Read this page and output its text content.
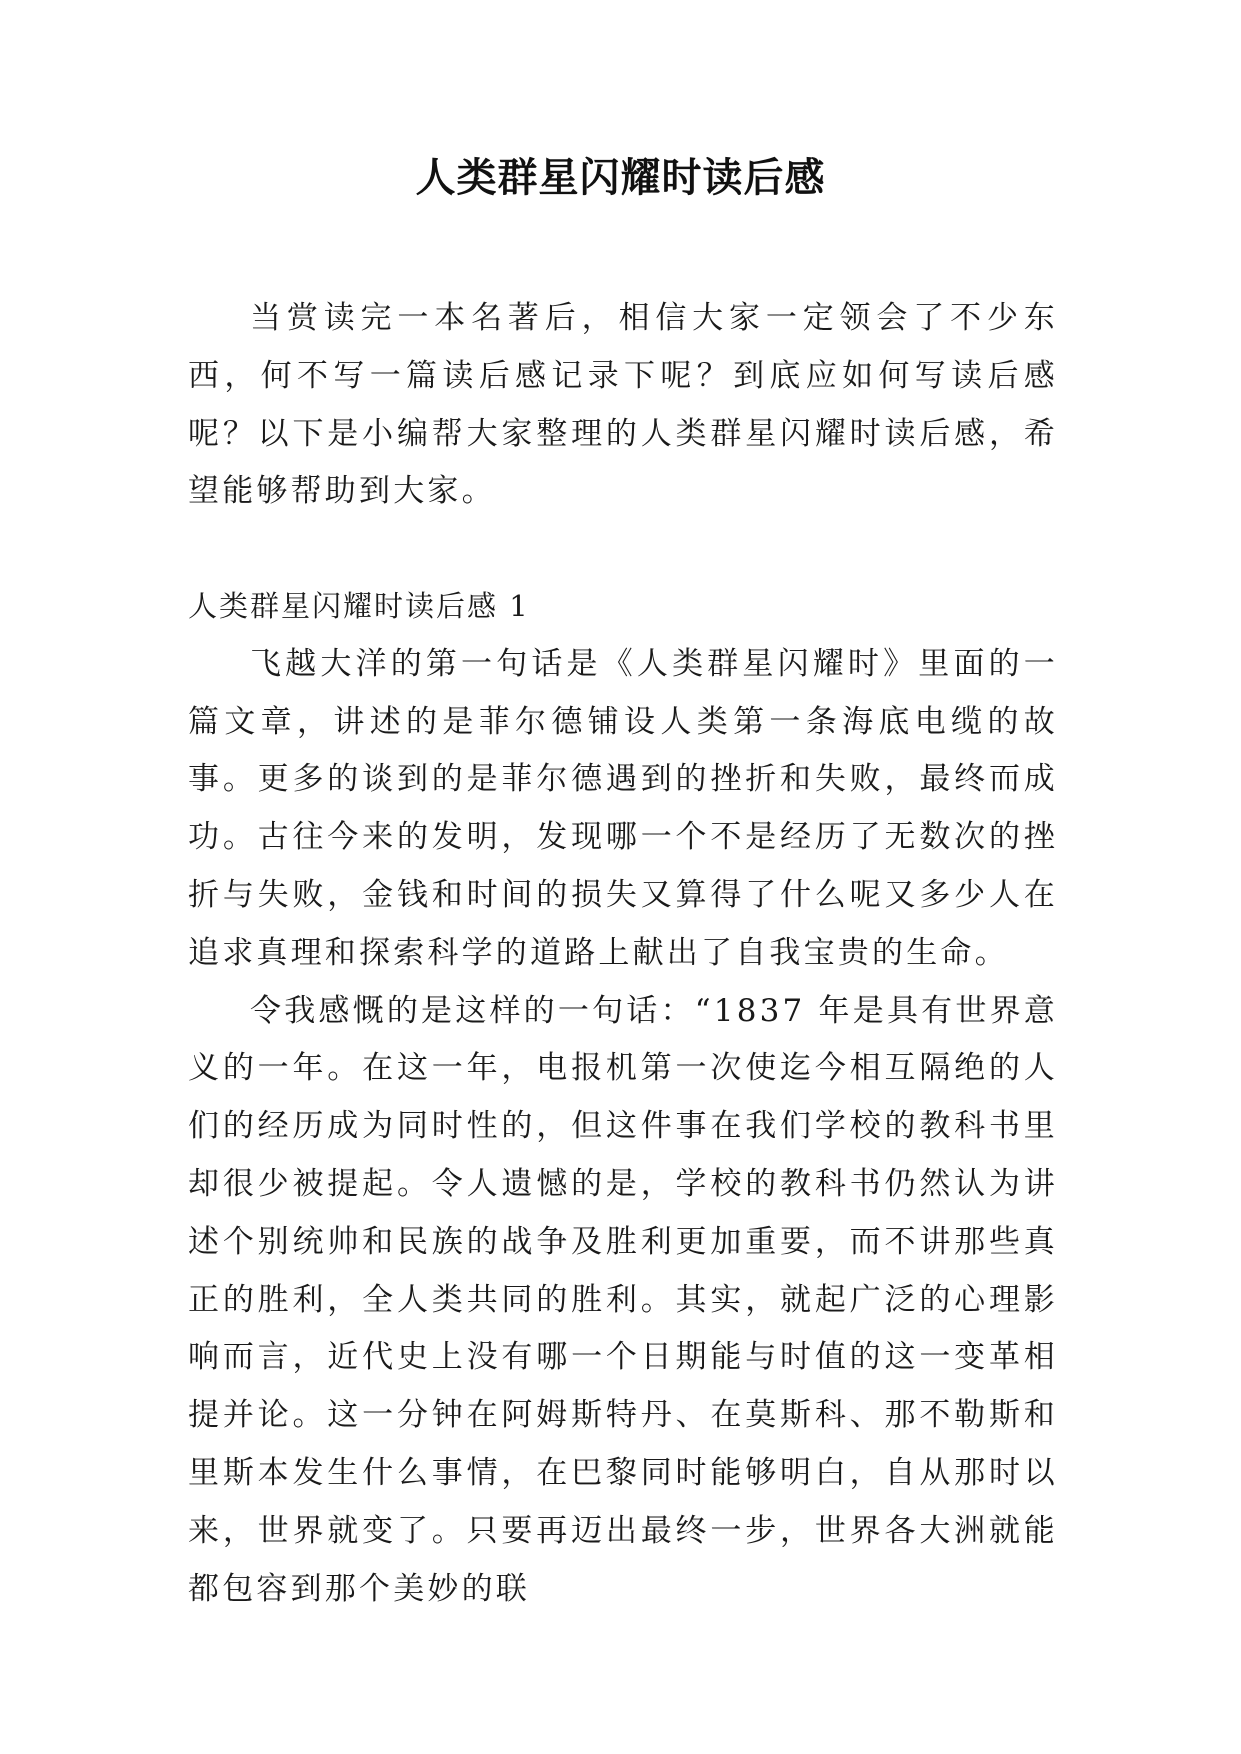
人类群星闪耀时读后感

当赏读完一本名著后，相信大家一定领会了不少东西，何不写一篇读后感记录下呢？到底应如何写读后感呢？以下是小编帮大家整理的人类群星闪耀时读后感，希望能够帮助到大家。

人类群星闪耀时读后感 1

飞越大洋的第一句话是《人类群星闪耀时》里面的一篇文章，讲述的是菲尔德铺设人类第一条海底电缆的故事。更多的谈到的是菲尔德遇到的挫折和失败，最终而成功。古往今来的发明，发现哪一个不是经历了无数次的挫折与失败，金钱和时间的损失又算得了什么呢又多少人在追求真理和探索科学的道路上献出了自我宝贵的生命。

令我感慨的是这样的一句话：“1837 年是具有世界意义的一年。在这一年，电报机第一次使迄今相互隔绝的人们的经历成为同时性的，但这件事在我们学校的教科书里却很少被提起。令人遗憾的是，学校的教科书仍然认为讲述个别统帅和民族的战争及胜利更加重要，而不讲那些真正的胜利，全人类共同的胜利。其实，就起广泛的心理影响而言，近代史上没有哪一个日期能与时值的这一变革相提并论。这一分钟在阿姆斯特丹、在莫斯科、那不勒斯和里斯本发生什么事情，在巴黎同时能够明白，自从那时以来，世界就变了。只要再迈出最终一步，世界各大洲就能都包容到那个美妙的联
